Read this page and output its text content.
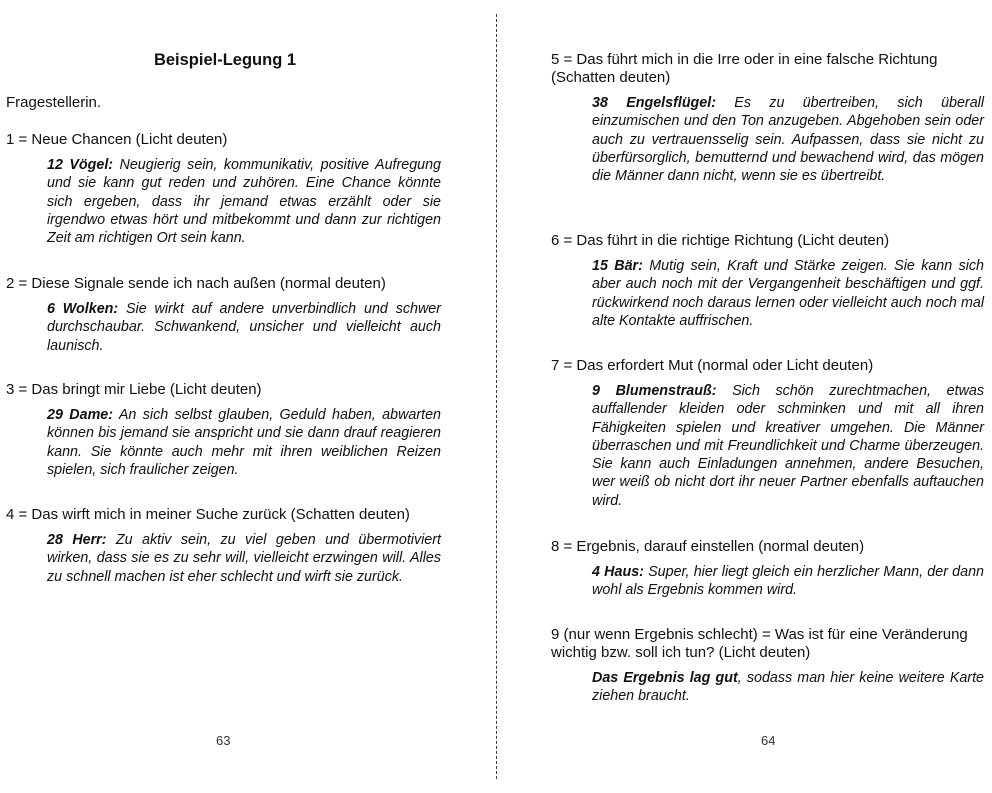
Beispiel-Legung 1

Fragestellerin.

1 = Neue Chancen (Licht deuten)

12 Vögel: Neugierig sein, kommunikativ, positive Aufregung und sie kann gut reden und zuhören. Eine Chance könnte sich ergeben, dass ihr jemand etwas erzählt oder sie irgendwo etwas hört und mitbekommt und dann zur richtigen Zeit am richtigen Ort sein kann.

2 = Diese Signale sende ich nach außen (normal deuten)

6 Wolken: Sie wirkt auf andere unverbindlich und schwer durchschaubar. Schwankend, unsicher und vielleicht auch launisch.

3 = Das bringt mir Liebe (Licht deuten)

29 Dame: An sich selbst glauben, Geduld haben, abwarten können bis jemand sie anspricht und sie dann drauf reagieren kann. Sie könnte auch mehr mit ihren weiblichen Reizen spielen, sich fraulicher zeigen.

4 = Das wirft mich in meiner Suche zurück (Schatten deuten)

28 Herr: Zu aktiv sein, zu viel geben und übermotiviert wirken, dass sie es zu sehr will, vielleicht erzwingen will. Alles zu schnell machen ist eher schlecht und wirft sie zurück.

63

5 = Das führt mich in die Irre oder in eine falsche Richtung (Schatten deuten)

38 Engelsflügel: Es zu übertreiben, sich überall einzumischen und den Ton anzugeben. Abgehoben sein oder auch zu vertrauensselig sein. Aufpassen, dass sie nicht zu überfürsorglich, bemutternd und bewachend wird, das mögen die Männer dann nicht, wenn sie es übertreibt.

6 = Das führt in die richtige Richtung (Licht deuten)

15 Bär: Mutig sein, Kraft und Stärke zeigen. Sie kann sich aber auch noch mit der Vergangenheit beschäftigen und ggf. rückwirkend noch daraus lernen oder vielleicht auch noch mal alte Kontakte auffrischen.

7 = Das erfordert Mut (normal oder Licht deuten)

9 Blumenstrauß: Sich schön zurechtmachen, etwas auffallender kleiden oder schminken und mit all ihren Fähigkeiten spielen und kreativer umgehen. Die Männer überraschen und mit Freundlichkeit und Charme überzeugen. Sie kann auch Einladungen annehmen, andere Besuchen, wer weiß ob nicht dort ihr neuer Partner ebenfalls auftauchen wird.

8 = Ergebnis, darauf einstellen (normal deuten)

4 Haus: Super, hier liegt gleich ein herzlicher Mann, der dann wohl als Ergebnis kommen wird.

9 (nur wenn Ergebnis schlecht) = Was ist für eine Veränderung wichtig bzw. soll ich tun? (Licht deuten)

Das Ergebnis lag gut, sodass man hier keine weitere Karte ziehen braucht.

64
